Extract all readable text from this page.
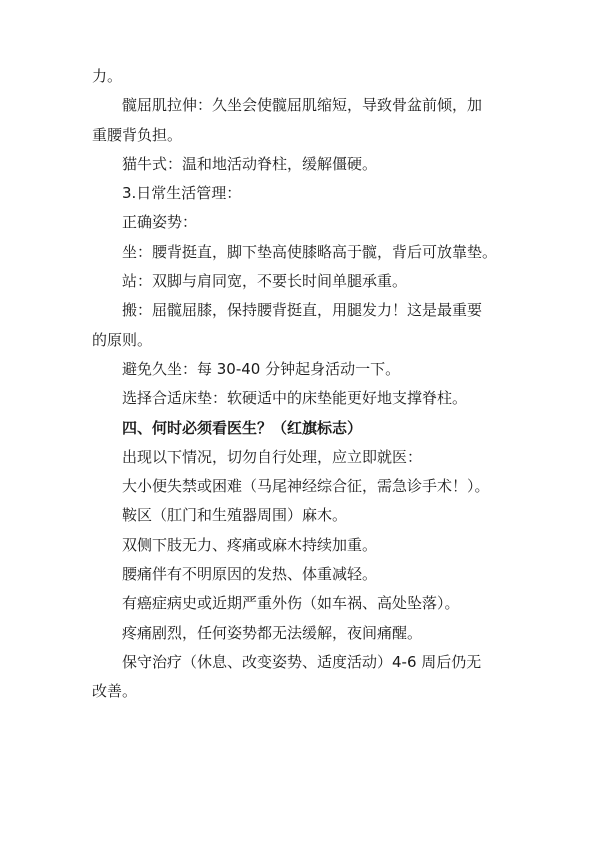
力。
髋屈肌拉伸：久坐会使髋屈肌缩短，导致骨盆前倾，加
重腰背负担。
猫牛式：温和地活动脊柱，缓解僵硬。
3.日常生活管理：
正确姿势：
坐：腰背挺直，脚下垫高使膝略高于髋，背后可放靠垫。
站：双脚与肩同宽，不要长时间单腿承重。
搬：屈髋屈膝，保持腰背挺直，用腿发力！这是最重要
的原则。
避免久坐：每 30-40 分钟起身活动一下。
选择合适床垫：软硬适中的床垫能更好地支撑脊柱。
四、何时必须看医生？（红旗标志）
出现以下情况，切勿自行处理，应立即就医：
大小便失禁或困难（马尾神经综合征，需急诊手术！）。
鞍区（肛门和生殖器周围）麻木。
双侧下肢无力、疼痛或麻木持续加重。
腰痛伴有不明原因的发热、体重减轻。
有癌症病史或近期严重外伤（如车祸、高处坠落）。
疼痛剧烈，任何姿势都无法缓解，夜间痛醒。
保守治疗（休息、改变姿势、适度活动）4-6 周后仍无
改善。
